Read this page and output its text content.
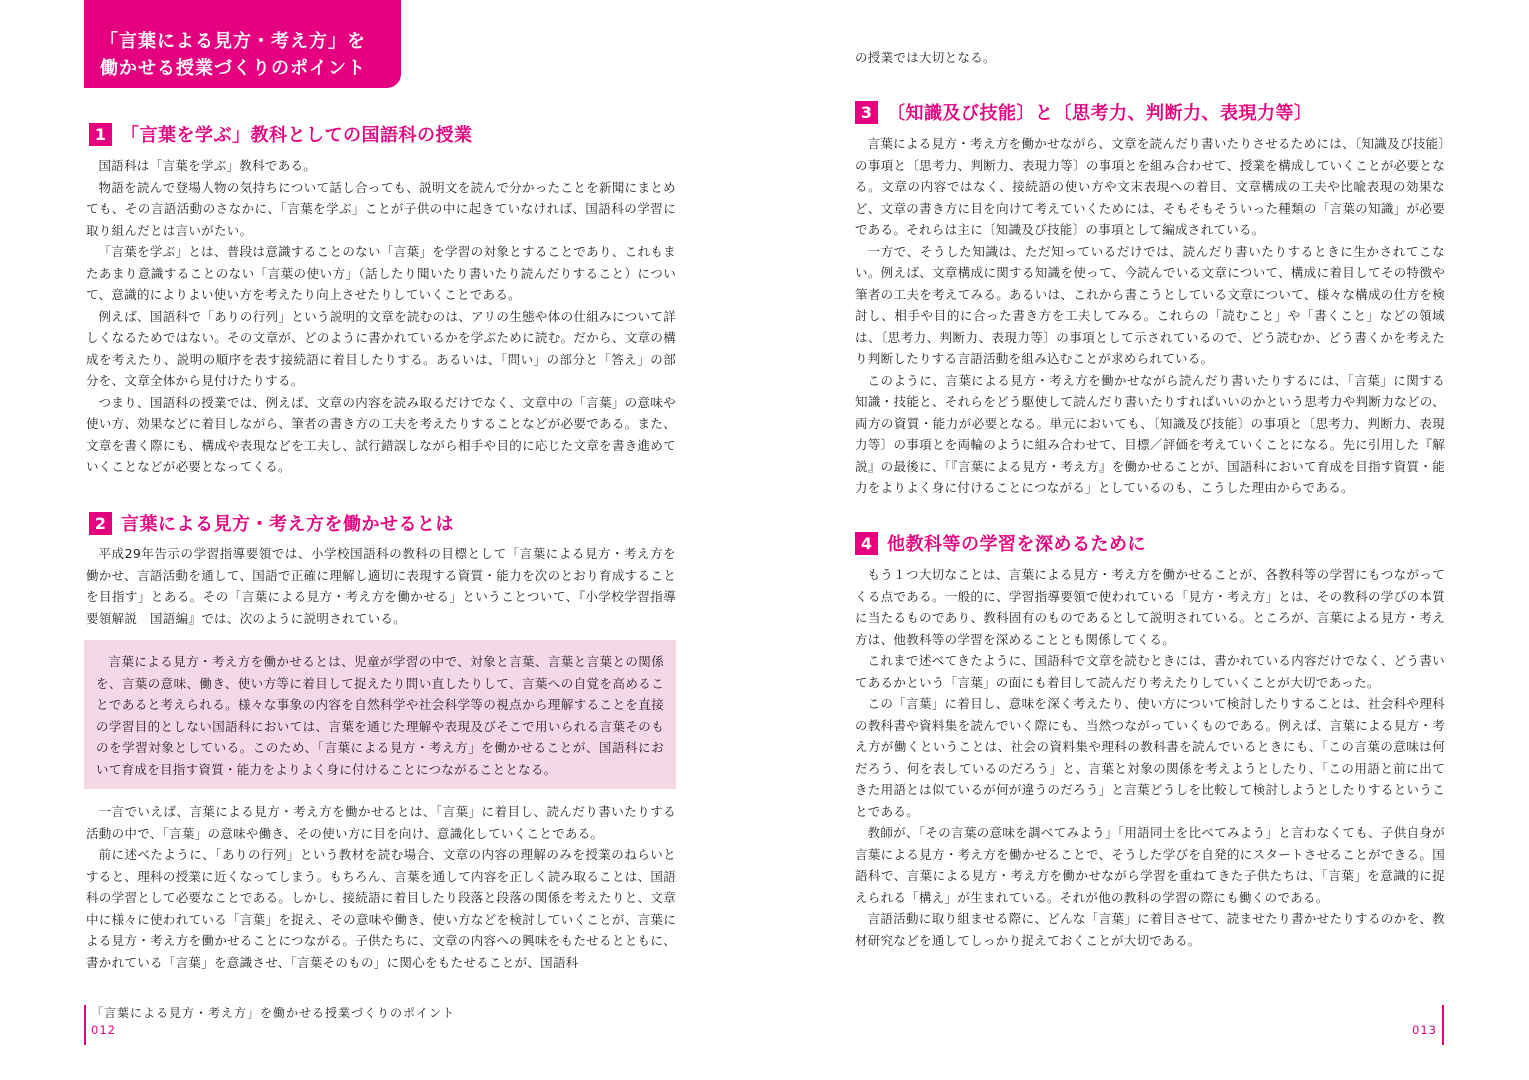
「言葉による見方・考え方」を
働かせる授業づくりのポイント
1 「言葉を学ぶ」教科としての国語科の授業

国語科は「言葉を学ぶ」教科である。

物語を読んで登場人物の気持ちについて話し合っても、説明文を読んで分かったことを新聞にまとめても、その言語活動のさなかに、「言葉を学ぶ」ことが子供の中に起きていなければ、国語科の学習に取り組んだとは言いがたい。

「言葉を学ぶ」とは、普段は意識することのない「言葉」を学習の対象とすることであり、これもまたあまり意識することのない「言葉の使い方」（話したり聞いたり書いたり読んだりすること）について、意識的によりよい使い方を考えたり向上させたりしていくことである。

例えば、国語科で「ありの行列」という説明的文章を読むのは、アリの生態や体の仕組みについて詳しくなるためではない。その文章が、どのように書かれているかを学ぶために読む。だから、文章の構成を考えたり、説明の順序を表す接続語に着目したりする。あるいは、「問い」の部分と「答え」の部分を、文章全体から見付けたりする。

つまり、国語科の授業では、例えば、文章の内容を読み取るだけでなく、文章中の「言葉」の意味や使い方、効果などに着目しながら、筆者の書き方の工夫を考えたりすることなどが必要である。また、文章を書く際にも、構成や表現などを工夫し、試行錯誤しながら相手や目的に応じた文章を書き進めていくことなどが必要となってくる。

2 言葉による見方・考え方を働かせるとは

平成29年告示の学習指導要領では、小学校国語科の教科の目標として「言葉による見方・考え方を働かせ、言語活動を通して、国語で正確に理解し適切に表現する資質・能力を次のとおり育成することを目指す」とある。その「言葉による見方・考え方を働かせる」ということついて、『小学校学習指導要領解説　国語編』では、次のように説明されている。

言葉による見方・考え方を働かせるとは、児童が学習の中で、対象と言葉、言葉と言葉との関係を、言葉の意味、働き、使い方等に着目して捉えたり問い直したりして、言葉への自覚を高めることであると考えられる。様々な事象の内容を自然科学や社会科学等の視点から理解することを直接の学習目的としない国語科においては、言葉を通じた理解や表現及びそこで用いられる言葉そのものを学習対象としている。このため、「言葉による見方・考え方」を働かせることが、国語科において育成を目指す資質・能力をよりよく身に付けることにつながることとなる。

一言でいえば、言葉による見方・考え方を働かせるとは、「言葉」に着目し、読んだり書いたりする活動の中で、「言葉」の意味や働き、その使い方に目を向け、意識化していくことである。

前に述べたように、「ありの行列」という教材を読む場合、文章の内容の理解のみを授業のねらいとすると、理科の授業に近くなってしまう。もちろん、言葉を通して内容を正しく読み取ることは、国語科の学習として必要なことである。しかし、接続語に着目したり段落と段落の関係を考えたりと、文章中に様々に使われている「言葉」を捉え、その意味や働き、使い方などを検討していくことが、言葉による見方・考え方を働かせることにつながる。子供たちに、文章の内容への興味をもたせるとともに、書かれている「言葉」を意識させ、「言葉そのもの」に関心をもたせることが、国語科

「言葉による見方・考え方」を働かせる授業づくりのポイント
012

の授業では大切となる。

3 〔知識及び技能〕と〔思考力、判断力、表現力等〕

言葉による見方・考え方を働かせながら、文章を読んだり書いたりさせるためには、〔知識及び技能〕の事項と〔思考力、判断力、表現力等〕の事項とを組み合わせて、授業を構成していくことが必要となる。文章の内容ではなく、接続語の使い方や文末表現への着目、文章構成の工夫や比喩表現の効果など、文章の書き方に目を向けて考えていくためには、そもそもそういった種類の「言葉の知識」が必要である。それらは主に〔知識及び技能〕の事項として編成されている。

一方で、そうした知識は、ただ知っているだけでは、読んだり書いたりするときに生かされてこない。例えば、文章構成に関する知識を使って、今読んでいる文章について、構成に着目してその特徴や筆者の工夫を考えてみる。あるいは、これから書こうとしている文章について、様々な構成の仕方を検討し、相手や目的に合った書き方を工夫してみる。これらの「読むこと」や「書くこと」などの領域は、〔思考力、判断力、表現力等〕の事項として示されているので、どう読むか、どう書くかを考えたり判断したりする言語活動を組み込むことが求められている。

このように、言葉による見方・考え方を働かせながら読んだり書いたりするには、「言葉」に関する知識・技能と、それらをどう駆使して読んだり書いたりすればいいのかという思考力や判断力などの、両方の資質・能力が必要となる。単元においても、〔知識及び技能〕の事項と〔思考力、判断力、表現力等〕の事項とを両輪のように組み合わせて、目標／評価を考えていくことになる。先に引用した『解説』の最後に、「『言葉による見方・考え方』を働かせることが、国語科において育成を目指す資質・能力をよりよく身に付けることにつながる」としているのも、こうした理由からである。

4 他教科等の学習を深めるために

もう１つ大切なことは、言葉による見方・考え方を働かせることが、各教科等の学習にもつながってくる点である。一般的に、学習指導要領で使われている「見方・考え方」とは、その教科の学びの本質に当たるものであり、教科固有のものであるとして説明されている。ところが、言葉による見方・考え方は、他教科等の学習を深めることとも関係してくる。

これまで述べてきたように、国語科で文章を読むときには、書かれている内容だけでなく、どう書いてあるかという「言葉」の面にも着目して読んだり考えたりしていくことが大切であった。

この「言葉」に着目し、意味を深く考えたり、使い方について検討したりすることは、社会科や理科の教科書や資料集を読んでいく際にも、当然つながっていくものである。例えば、言葉による見方・考え方が働くということは、社会の資料集や理科の教科書を読んでいるときにも、「この言葉の意味は何だろう、何を表しているのだろう」と、言葉と対象の関係を考えようとしたり、「この用語と前に出てきた用語とは似ているが何が違うのだろう」と言葉どうしを比較して検討しようとしたりするということである。

教師が、「その言葉の意味を調べてみよう」「用語同士を比べてみよう」と言わなくても、子供自身が言葉による見方・考え方を働かせることで、そうした学びを自発的にスタートさせることができる。国語科で、言葉による見方・考え方を働かせながら学習を重ねてきた子供たちは、「言葉」を意識的に捉えられる「構え」が生まれている。それが他の教科の学習の際にも働くのである。

言語活動に取り組ませる際に、どんな「言葉」に着目させて、読ませたり書かせたりするのかを、教材研究などを通してしっかり捉えておくことが大切である。

013
